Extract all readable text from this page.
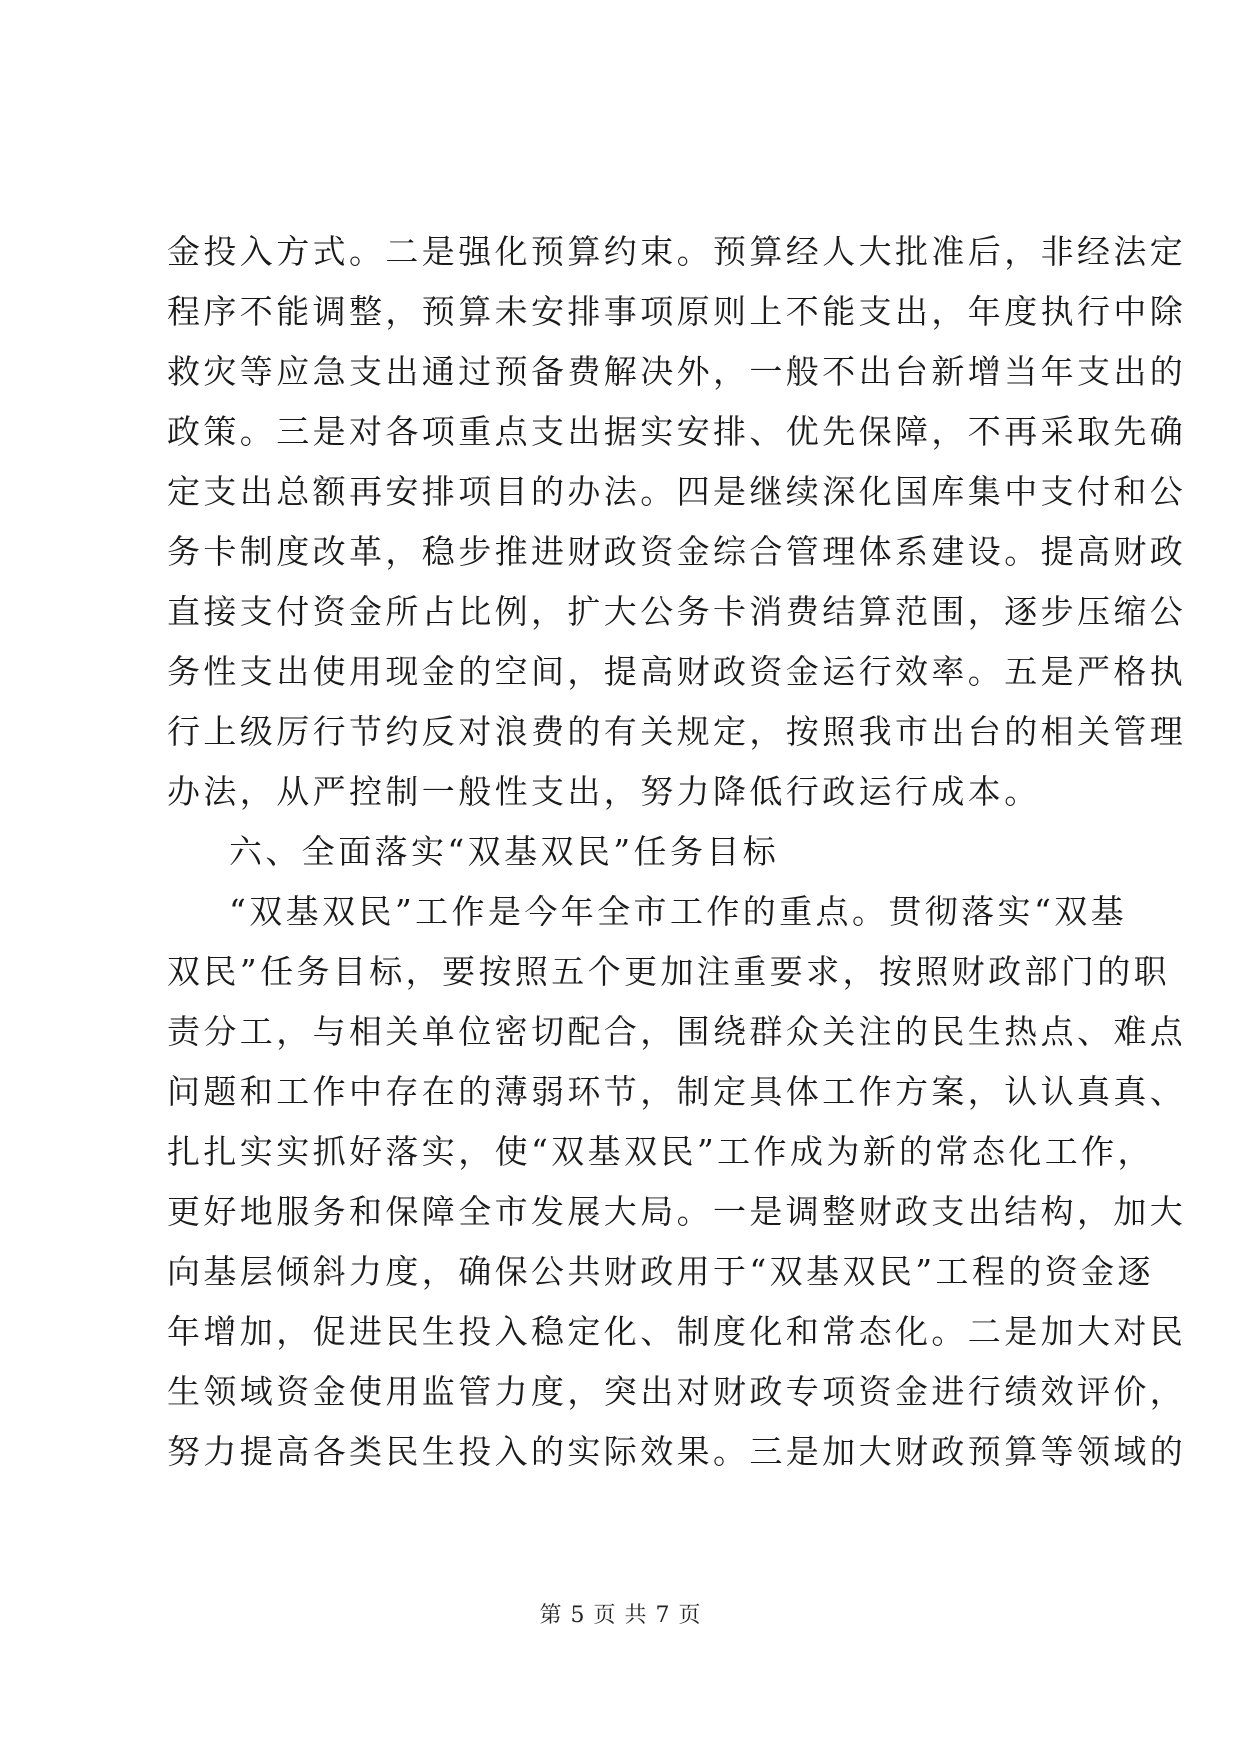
金投入方式。二是强化预算约束。预算经人大批准后，非经法定
程序不能调整，预算未安排事项原则上不能支出，年度执行中除
救灾等应急支出通过预备费解决外，一般不出台新增当年支出的
政策。三是对各项重点支出据实安排、优先保障，不再采取先确
定支出总额再安排项目的办法。四是继续深化国库集中支付和公
务卡制度改革，稳步推进财政资金综合管理体系建设。提高财政
直接支付资金所占比例，扩大公务卡消费结算范围，逐步压缩公
务性支出使用现金的空间，提高财政资金运行效率。五是严格执
行上级厉行节约反对浪费的有关规定，按照我市出台的相关管理
办法，从严控制一般性支出，努力降低行政运行成本。
六、全面落实“双基双民”任务目标
“双基双民”工作是今年全市工作的重点。贯彻落实“双基
双民”任务目标，要按照五个更加注重要求，按照财政部门的职
责分工，与相关单位密切配合，围绕群众关注的民生热点、难点
问题和工作中存在的薄弱环节，制定具体工作方案，认认真真、
扎扎实实抓好落实，使“双基双民”工作成为新的常态化工作，
更好地服务和保障全市发展大局。一是调整财政支出结构，加大
向基层倾斜力度，确保公共财政用于“双基双民”工程的资金逐
年增加，促进民生投入稳定化、制度化和常态化。二是加大对民
生领域资金使用监管力度，突出对财政专项资金进行绩效评价，
努力提高各类民生投入的实际效果。三是加大财政预算等领域的
第 5 页 共 7 页
